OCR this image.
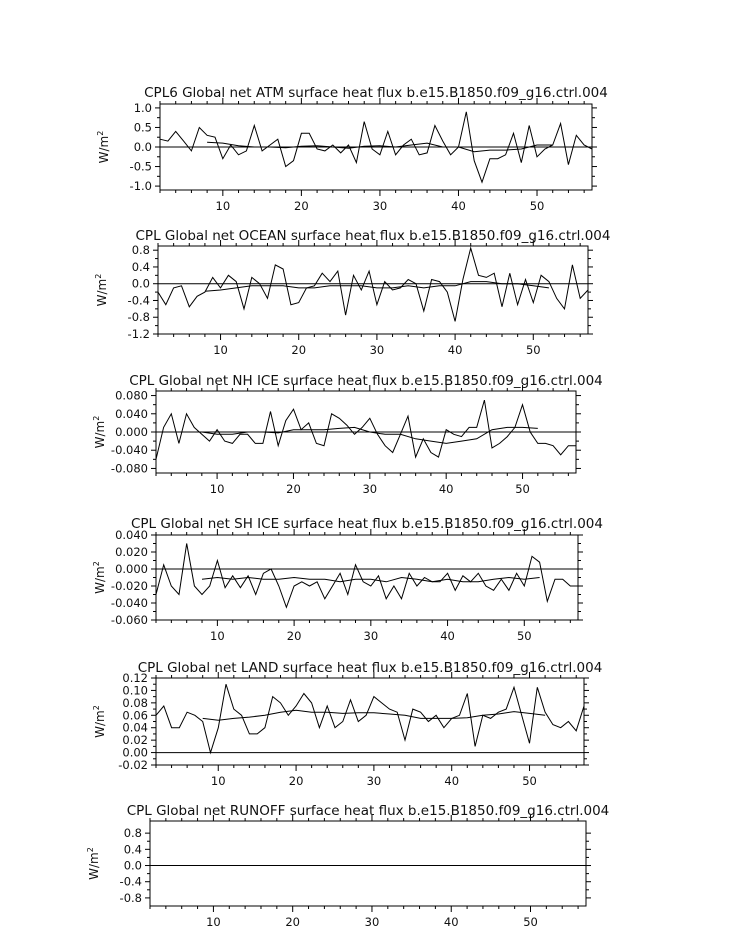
CPL6 Global net ATM surface heat flux b.e15.B1850.f09_g16.ctrl.004
10	20	30	40	50
1.0
0.5
0.0
-0.5
-1.0
$W/m^2$
CPL Global net OCEAN surface heat flux b.e15.B1850.f09_g16.ctrl.004
10	20	30	40	50
0.8
0.4
0.0
-0.4
-0.8
-1.2
$W/m^2$
CPL Global net NH ICE surface heat flux b.e15.B1850.f09_g16.ctrl.004
10	20	30	40	50
0.080
0.040
0.000
-0.040
-0.080
$W/m^2$
CPL Global net SH ICE surface heat flux b.e15.B1850.f09_g16.ctrl.004
10	20	30	40	50
0.040
0.020
0.000
-0.020
-0.040
-0.060
$W/m^2$
CPL Global net LAND surface heat flux b.e15.B1850.f09_g16.ctrl.004
10	20	30	40	50
0.12
0.10
0.08
0.06
0.04
0.02
0.00
-0.02
$W/m^2$
CPL Global net RUNOFF surface heat flux b.e15.B1850.f09_g16.ctrl.004
10	20	30	40	50
0.8
0.4
0.0
-0.4
-0.8
$W/m^2$
